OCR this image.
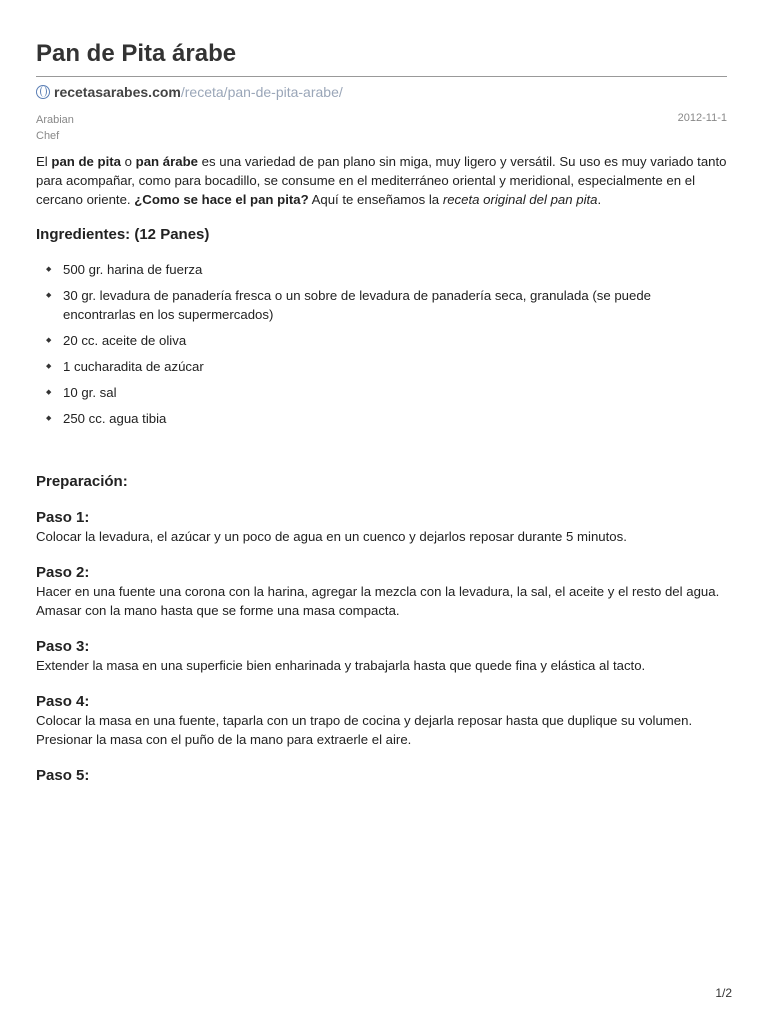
Pan de Pita árabe
recetasarabes.com /receta/pan-de-pita-arabe/
Arabian
Chef
2012-11-1

El pan de pita o pan árabe es una variedad de pan plano sin miga, muy ligero y versátil. Su uso es muy variado tanto para acompañar, como para bocadillo, se consume en el mediterráneo oriental y meridional, especialmente en el cercano oriente. ¿Como se hace el pan pita? Aquí te enseñamos la receta original del pan pita.

Ingredientes: (12 Panes)
◆ 500 gr. harina de fuerza
◆ 30 gr. levadura de panadería fresca o un sobre de levadura de panadería seca, granulada (se puede encontrarlas en los supermercados)
◆ 20 cc. aceite de oliva
◆ 1 cucharadita de azúcar
◆ 10 gr. sal
◆ 250 cc. agua tibia
Preparación:
Paso 1:

Colocar la levadura, el azúcar y un poco de agua en un cuenco y dejarlos reposar durante 5 minutos.

Paso 2:

Hacer en una fuente una corona con la harina, agregar la mezcla con la levadura, la sal, el aceite y el resto del agua.

Amasar con la mano hasta que se forme una masa compacta.

Paso 3:

Extender la masa en una superficie bien enharinada y trabajarla hasta que quede fina y elástica al tacto.

Paso 4:

Colocar la masa en una fuente, taparla con un trapo de cocina y dejarla reposar hasta que duplique su volumen.

Presionar la masa con el puño de la mano para extraerle el aire.

Paso 5:
1/2
